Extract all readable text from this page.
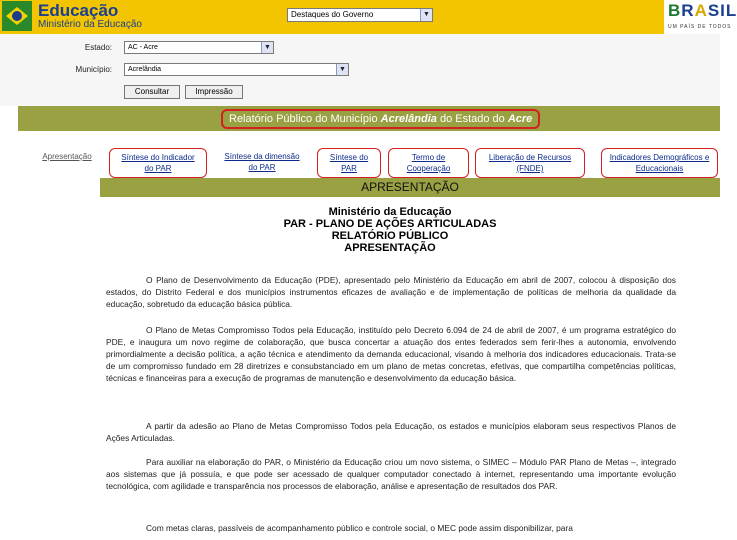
Educação
Ministério da Educação
Destaques do Governo	▼	BRASIL
UM PAÍS DE TODOS
Estado:	AC - Acre	▼
Município:	Acrelândia	▼
Consultar	Impressão
Relatório Público do Município Acrelândia do Estado do Acre
Apresentação	Síntese do Indicador
do PAR
Síntese da dimensão
do PAR
Síntese do
PAR
Termo de
Cooperação
Liberação de Recursos
(FNDE)
Indicadores Demográficos e
Educacionais
APRESENTAÇÃO
Ministério da Educação
PAR - PLANO DE AÇÕES ARTICULADAS
RELATÓRIO PÚBLICO
APRESENTAÇÃO

O Plano de Desenvolvimento da Educação (PDE), apresentado pelo Ministério da Educação em abril de 2007, colocou à disposição dos estados, do Distrito Federal e dos municípios instrumentos eficazes de avaliação e de implementação de políticas de melhoria da qualidade da educação, sobretudo da educação básica pública.

O Plano de Metas Compromisso Todos pela Educação, instituído pelo Decreto 6.094 de 24 de abril de 2007, é um programa estratégico do PDE, e inaugura um novo regime de colaboração, que busca concertar a atuação dos entes federados sem ferir-lhes a autonomia, envolvendo primordialmente a decisão política, a ação técnica e atendimento da demanda educacional, visando à melhoria dos indicadores educacionais. Trata-se de um compromisso fundado em 28 diretrizes e consubstanciado em um plano de metas concretas, efetivas, que compartilha competências políticas, técnicas e financeiras para a execução de programas de manutenção e desenvolvimento da educação básica.

A partir da adesão ao Plano de Metas Compromisso Todos pela Educação, os estados e municípios elaboram seus respectivos Planos de Ações Articuladas.

Para auxiliar na elaboração do PAR, o Ministério da Educação criou um novo sistema, o SIMEC – Módulo PAR Plano de Metas –, integrado aos sistemas que já possuía, e que pode ser acessado de qualquer computador conectado à internet, representando uma importante evolução tecnológica, com agilidade e transparência nos processos de elaboração, análise e apresentação de resultados dos PAR.

Com metas claras, passíveis de acompanhamento público e controle social, o MEC pode assim disponibilizar, para
